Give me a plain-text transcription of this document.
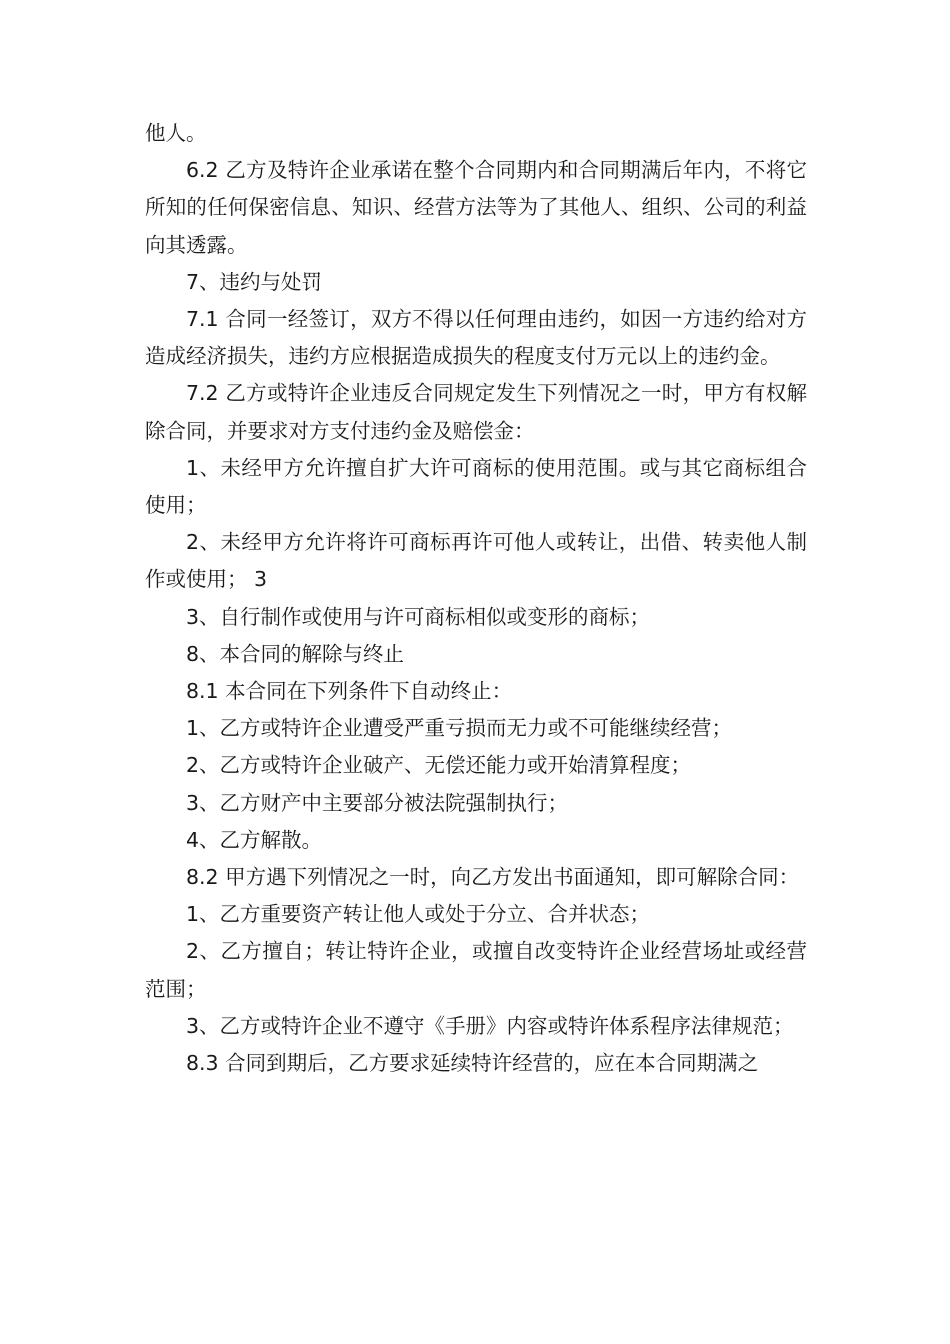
他人。

6.2 乙方及特许企业承诺在整个合同期内和合同期满后年内，不将它所知的任何保密信息、知识、经营方法等为了其他人、组织、公司的利益向其透露。

7、违约与处罚

7.1 合同一经签订，双方不得以任何理由违约，如因一方违约给对方造成经济损失，违约方应根据造成损失的程度支付万元以上的违约金。

7.2 乙方或特许企业违反合同规定发生下列情况之一时，甲方有权解除合同，并要求对方支付违约金及赔偿金：

1、未经甲方允许擅自扩大许可商标的使用范围。或与其它商标组合使用；

2、未经甲方允许将许可商标再许可他人或转让，出借、转卖他人制作或使用； 3

3、自行制作或使用与许可商标相似或变形的商标；

8、本合同的解除与终止

8.1 本合同在下列条件下自动终止：

1、乙方或特许企业遭受严重亏损而无力或不可能继续经营；

2、乙方或特许企业破产、无偿还能力或开始清算程度；

3、乙方财产中主要部分被法院强制执行；

4、乙方解散。

8.2 甲方遇下列情况之一时，向乙方发出书面通知，即可解除合同：

1、乙方重要资产转让他人或处于分立、合并状态；

2、乙方擅自；转让特许企业，或擅自改变特许企业经营场址或经营范围；

3、乙方或特许企业不遵守《手册》内容或特许体系程序法律规范；

8.3 合同到期后，乙方要求延续特许经营的，应在本合同期满之
